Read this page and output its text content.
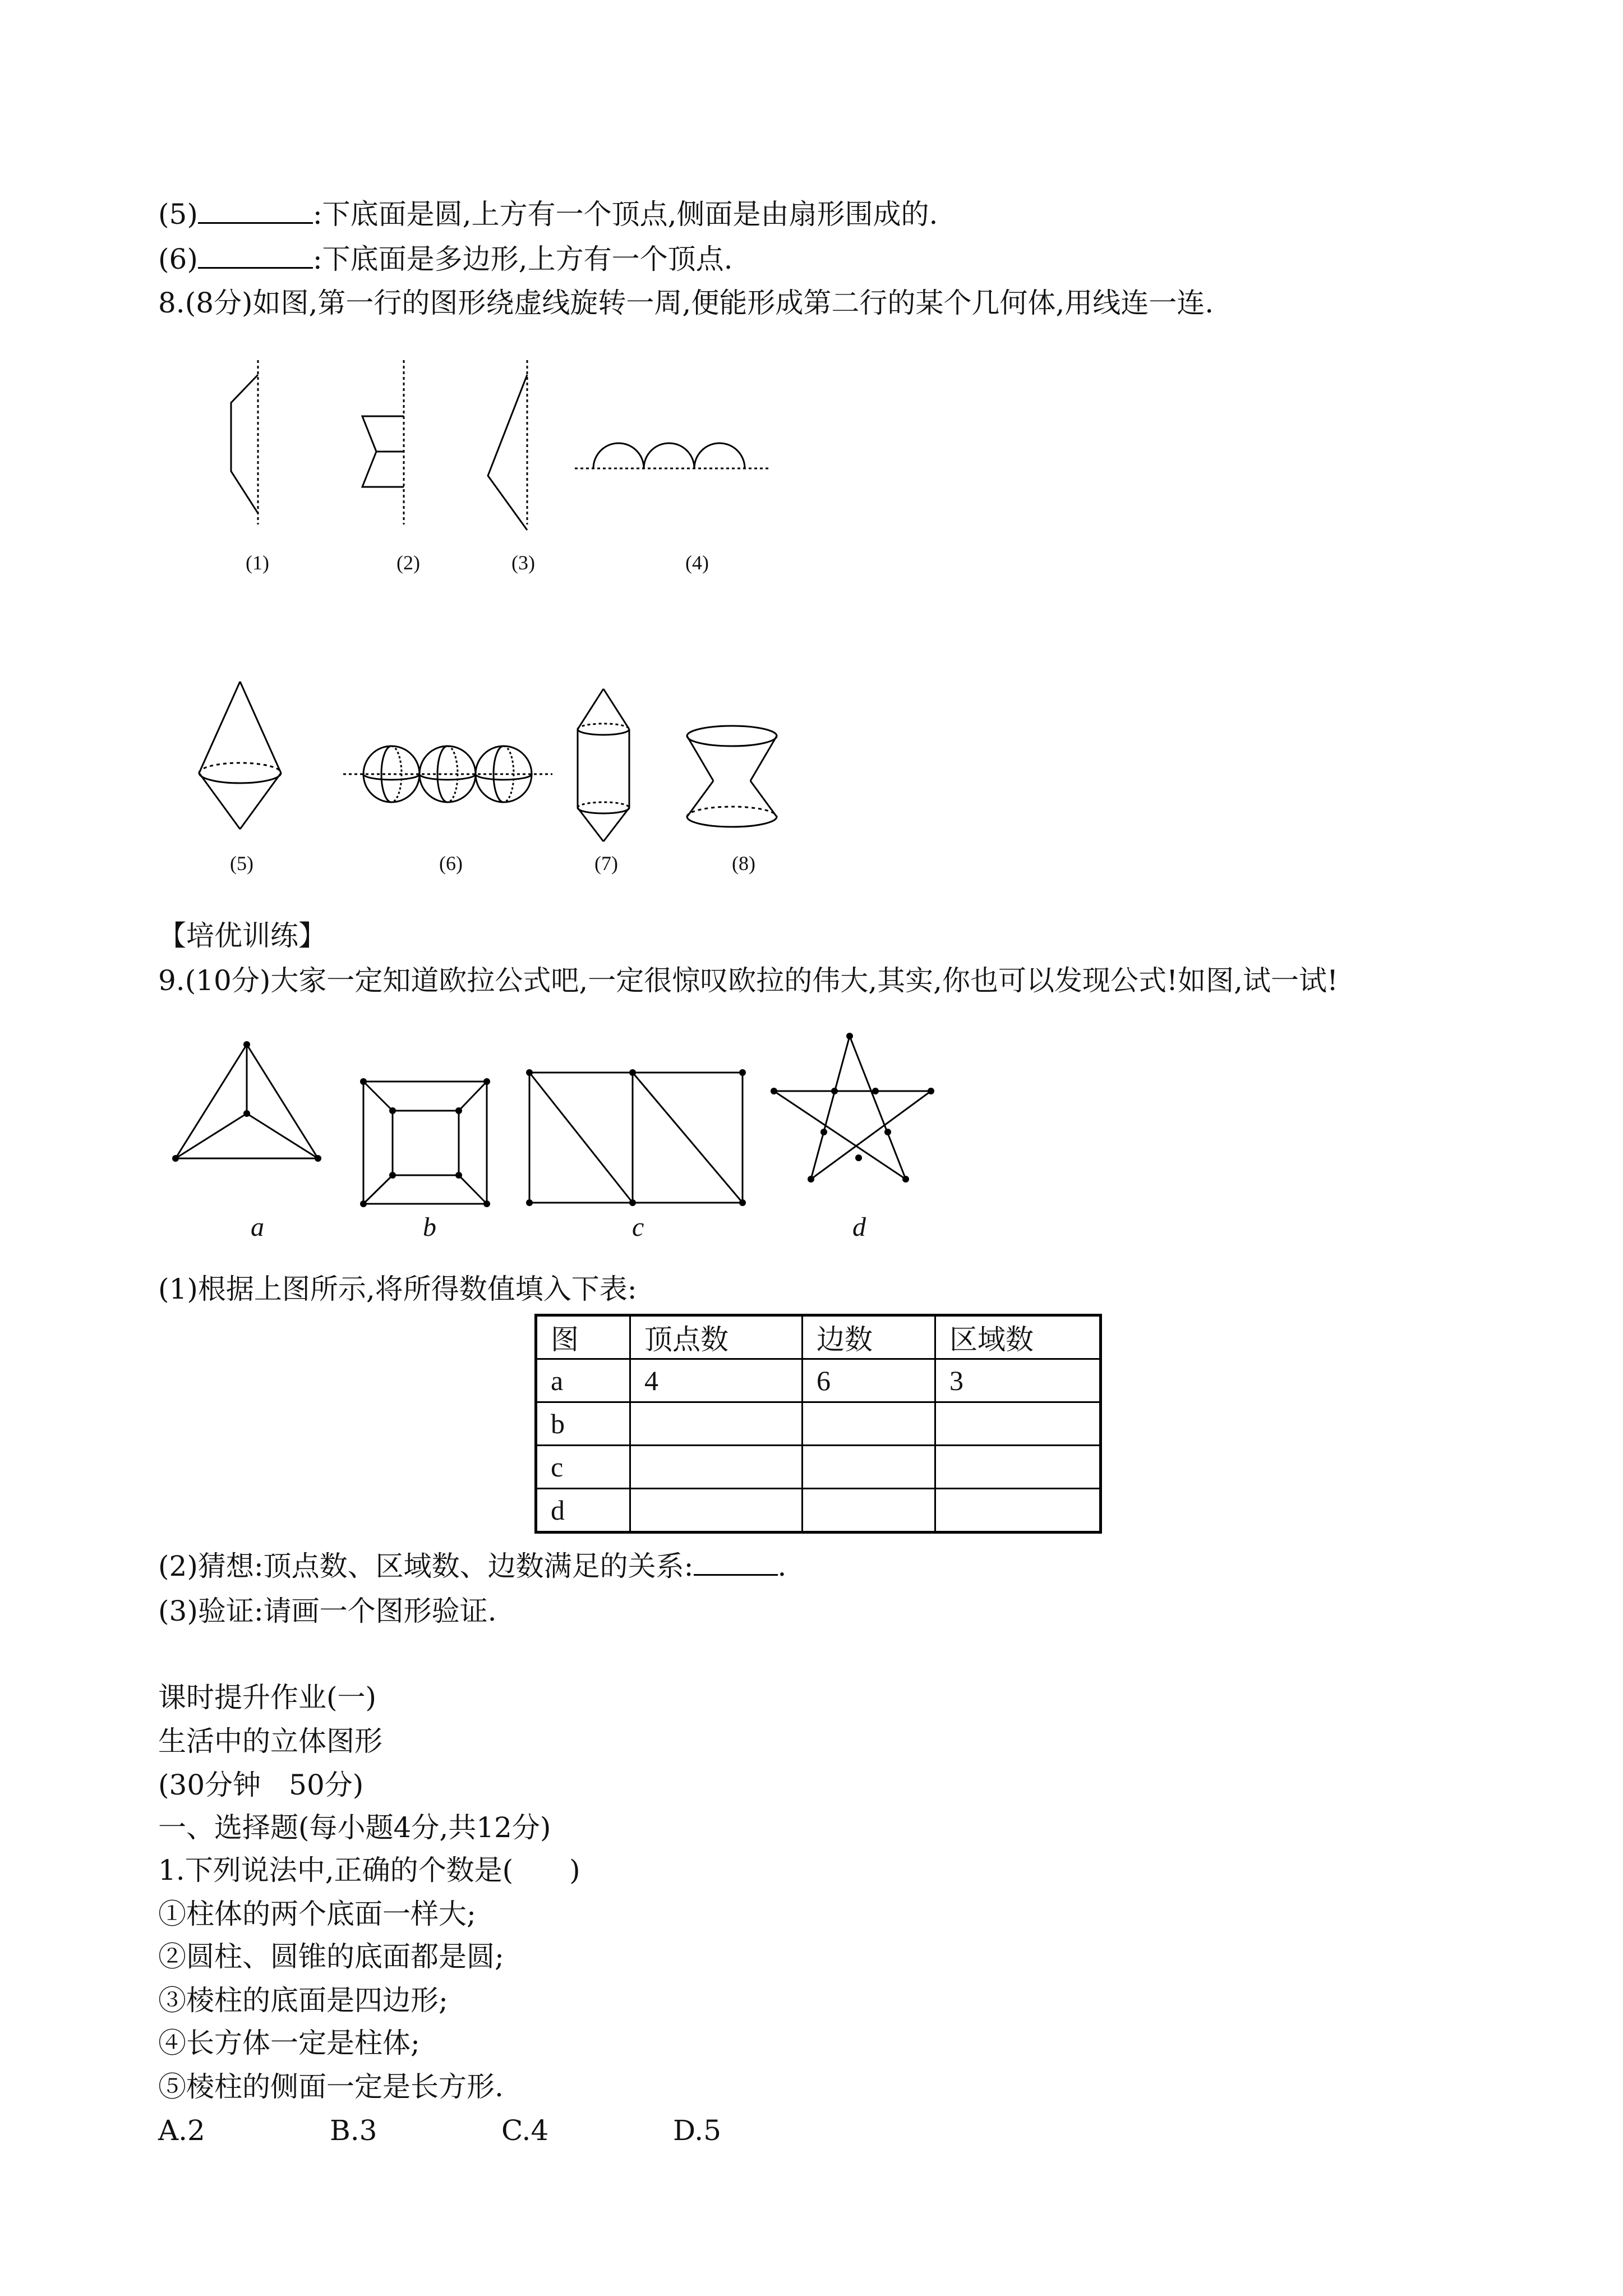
(5)	:下底面是圆,上方有一个顶点,侧面是由扇形围成的.
(6)	:下底面是多边形,上方有一个顶点.
8.(8分)如图,第一行的图形绕虚线旋转一周,便能形成第二行的某个几何体,用线连一连.
(1)	(2)	(3)	(4)
(5)	(6)	(7)	(8)
【培优训练】
9.(10分)大家一定知道欧拉公式吧,一定很惊叹欧拉的伟大,其实,你也可以发现公式!如图,试一试!
a	b	c	d
(1)根据上图所示,将所得数值填入下表:
图	顶点数	边数	区域数
a	4	6	3
b			
c			
d			
(2)猜想:顶点数、区域数、边数满足的关系:	.
(3)验证:请画一个图形验证.
课时提升作业(一)
生活中的立体图形
(30分钟　50分)
一、选择题(每小题4分,共12分)
1.下列说法中,正确的个数是(　　)
①柱体的两个底面一样大;
②圆柱、圆锥的底面都是圆;
③棱柱的底面是四边形;
④长方体一定是柱体;
⑤棱柱的侧面一定是长方形.
A.2	B.3	C.4	D.5
